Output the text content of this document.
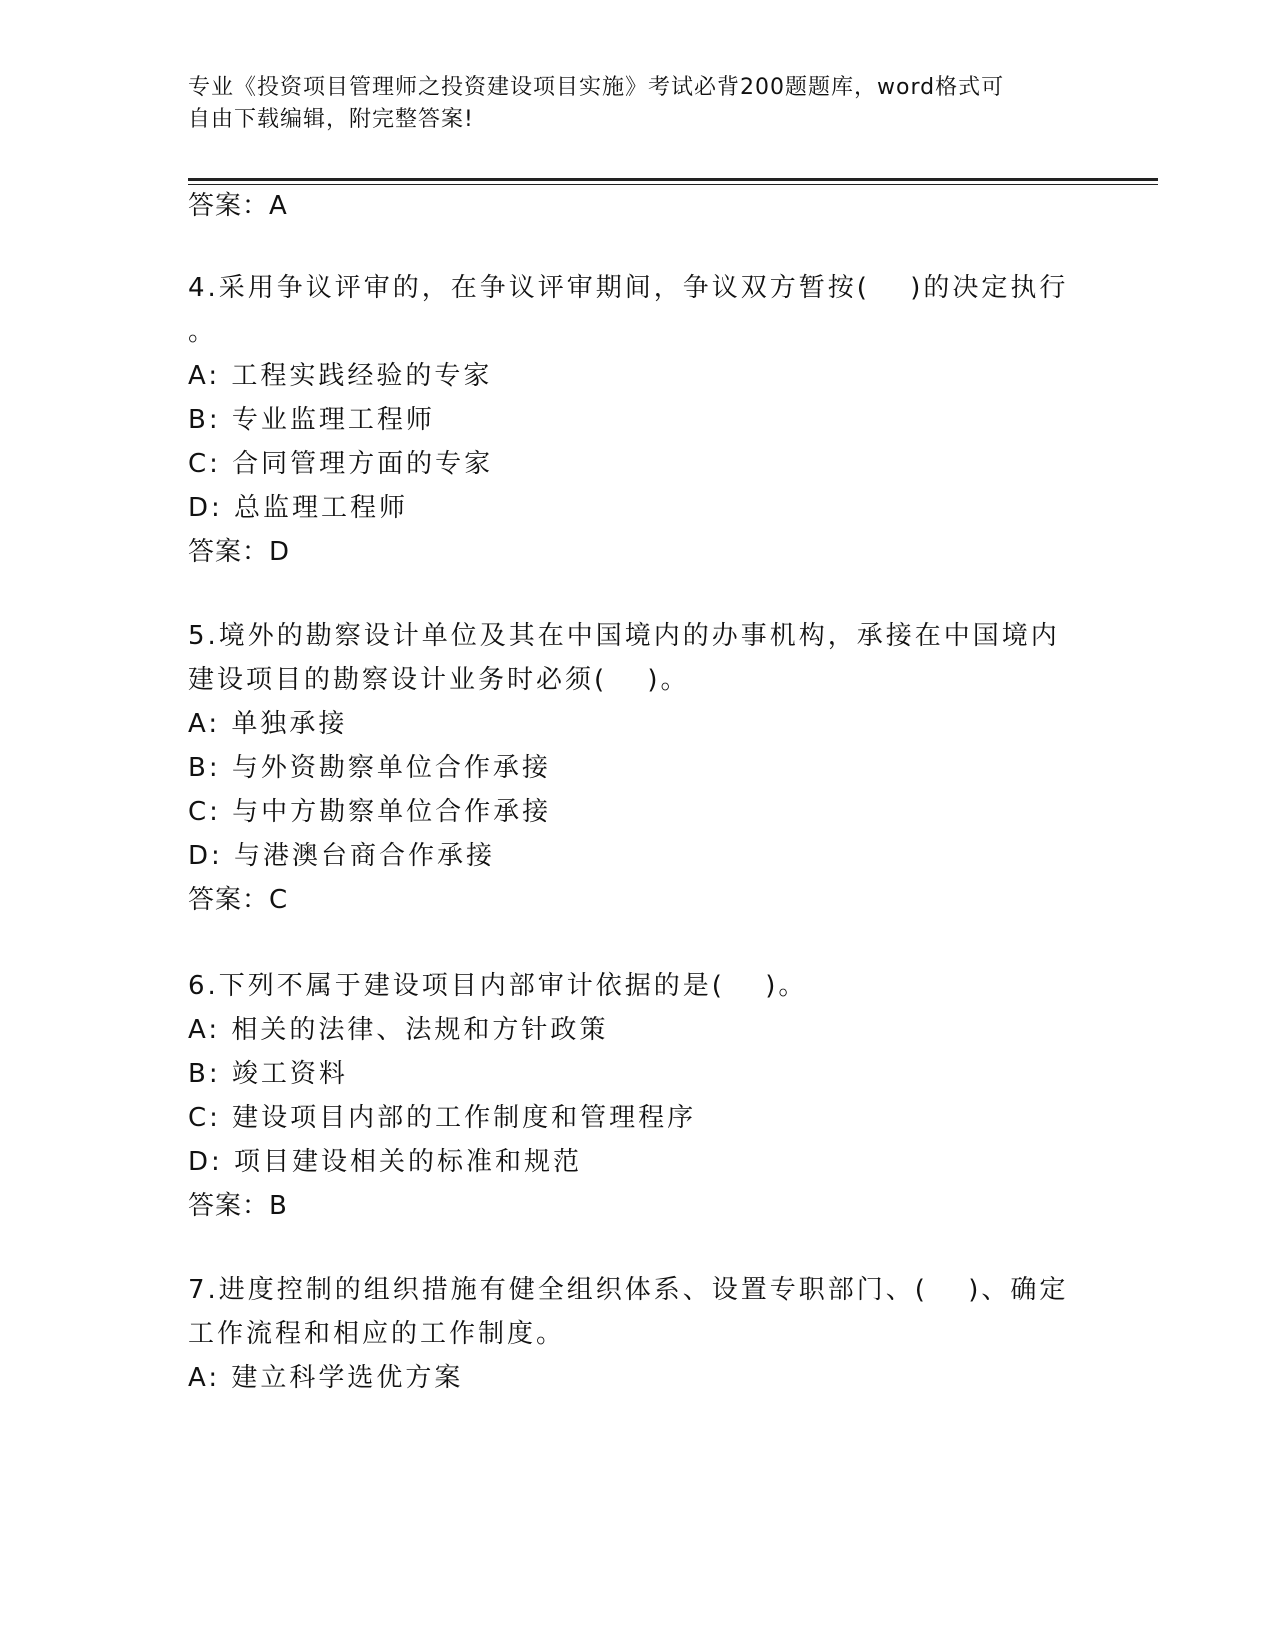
专业《投资项目管理师之投资建设项目实施》考试必背200题题库，word格式可
自由下载编辑，附完整答案!
答案：A
4.采用争议评审的，在争议评审期间，争议双方暂按(　 )的决定执行
。
A: 工程实践经验的专家
B: 专业监理工程师
C: 合同管理方面的专家
D: 总监理工程师
答案：D
5.境外的勘察设计单位及其在中国境内的办事机构，承接在中国境内
建设项目的勘察设计业务时必须(　 )。
A: 单独承接
B: 与外资勘察单位合作承接
C: 与中方勘察单位合作承接
D: 与港澳台商合作承接
答案：C
6.下列不属于建设项目内部审计依据的是(　 )。
A: 相关的法律、法规和方针政策
B: 竣工资料
C: 建设项目内部的工作制度和管理程序
D: 项目建设相关的标准和规范
答案：B
7.进度控制的组织措施有健全组织体系、设置专职部门、(　 )、确定
工作流程和相应的工作制度。
A: 建立科学选优方案
